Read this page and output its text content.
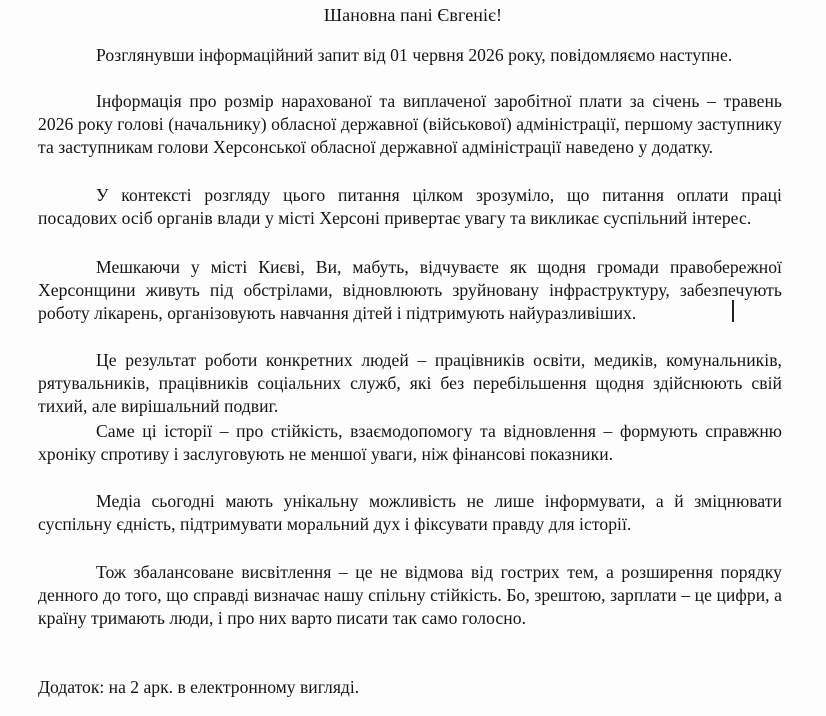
Шановна пані Євгеніє!

Розглянувши інформаційний запит від 01 червня 2026 року, повідомляємо наступне.

Інформація про розмір нарахованої та виплаченої заробітної плати за січень – травень 2026 року голові (начальнику) обласної державної (військової) адміністрації, першому заступнику та заступникам голови Херсонської обласної державної адміністрації наведено у додатку.

У контексті розгляду цього питання цілком зрозуміло, що питання оплати праці посадових осіб органів влади у місті Херсоні привертає увагу та викликає суспільний інтерес.

Мешкаючи у місті Києві, Ви, мабуть, відчуваєте як щодня громади правобережної Херсонщини живуть під обстрілами, відновлюють зруйновану інфраструктуру, забезпечують роботу лікарень, організовують навчання дітей і підтримують найуразливіших.

Це результат роботи конкретних людей – працівників освіти, медиків, комунальників, рятувальників, працівників соціальних служб, які без перебільшення щодня здійснюють свій тихий, але вирішальний подвиг.

Саме ці історії – про стійкість, взаємодопомогу та відновлення – формують справжню хроніку спротиву і заслуговують не меншої уваги, ніж фінансові показники.

Медіа сьогодні мають унікальну можливість не лише інформувати, а й зміцнювати суспільну єдність, підтримувати моральний дух і фіксувати правду для історії.

Тож збалансоване висвітлення – це не відмова від гострих тем, а розширення порядку денного до того, що справді визначає нашу спільну стійкість. Бо, зрештою, зарплати – це цифри, а країну тримають люди, і про них варто писати так само голосно.

Додаток: на 2 арк. в електронному вигляді.
